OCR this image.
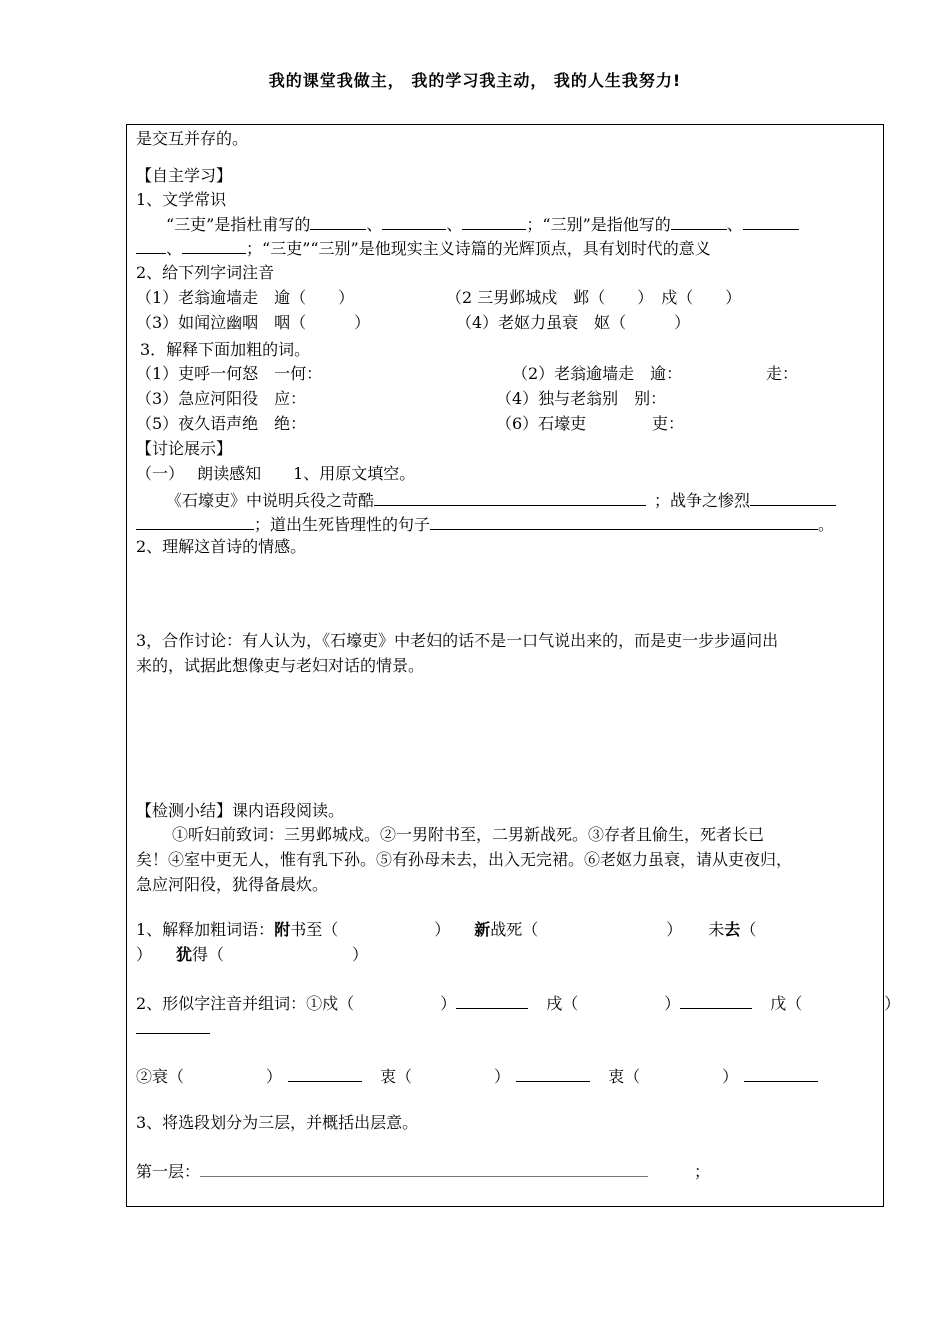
我的课堂我做主， 我的学习我主动， 我的人生我努力!
是交互并存的。
【自主学习】
1、文学常识
“三吏”是指杜甫写的	、	、	；“三别”是指他写的	、
、	；“三吏”“三别”是他现实主义诗篇的光辉顶点，具有划时代的意义
2、给下列字词注音
（1）老翁逾墙走　逾（　　）	（2 三男邺城戍　邺（　　）　戍（　　）
（3）如闻泣幽咽　咽（　　　）	（4）老妪力虽衰　妪（　　　）
3．解释下面加粗的词。
（1）吏呼一何怒　一何：	（2）老翁逾墙走　逾：	走：
（3）急应河阳役　应：	（4）独与老翁别　别：
（5）夜久语声绝　绝：	（6）石壕吏	吏：
【讨论展示】
（一）　 朗读感知　　1、用原文填空。
《石壕吏》中说明兵役之苛酷	；战争之惨烈
；道出生死皆理性的句子	。
2、理解这首诗的情感。
3，合作讨论：有人认为，《石壕吏》中老妇的话不是一口气说出来的，而是吏一步步逼问出
来的，试据此想像吏与老妇对话的情景。
【检测小结】课内语段阅读。
①听妇前致词：三男邺城戍。②一男附书至，二男新战死。③存者且偷生，死者长已
矣！④室中更无人，惟有乳下孙。⑤有孙母未去，出入无完裙。⑥老妪力虽衰，请从吏夜归，
急应河阳役，犹得备晨炊。
1、解释加粗词语：附书至（	） 新战死（	） 未去（
） 犹得（	）
2、形似字注音并组词：①戍（	）	戌（	）	戊（	）
②衰（	）	衷（	）	衷（	）
3、将选段划分为三层，并概括出层意。
第一层：	；
